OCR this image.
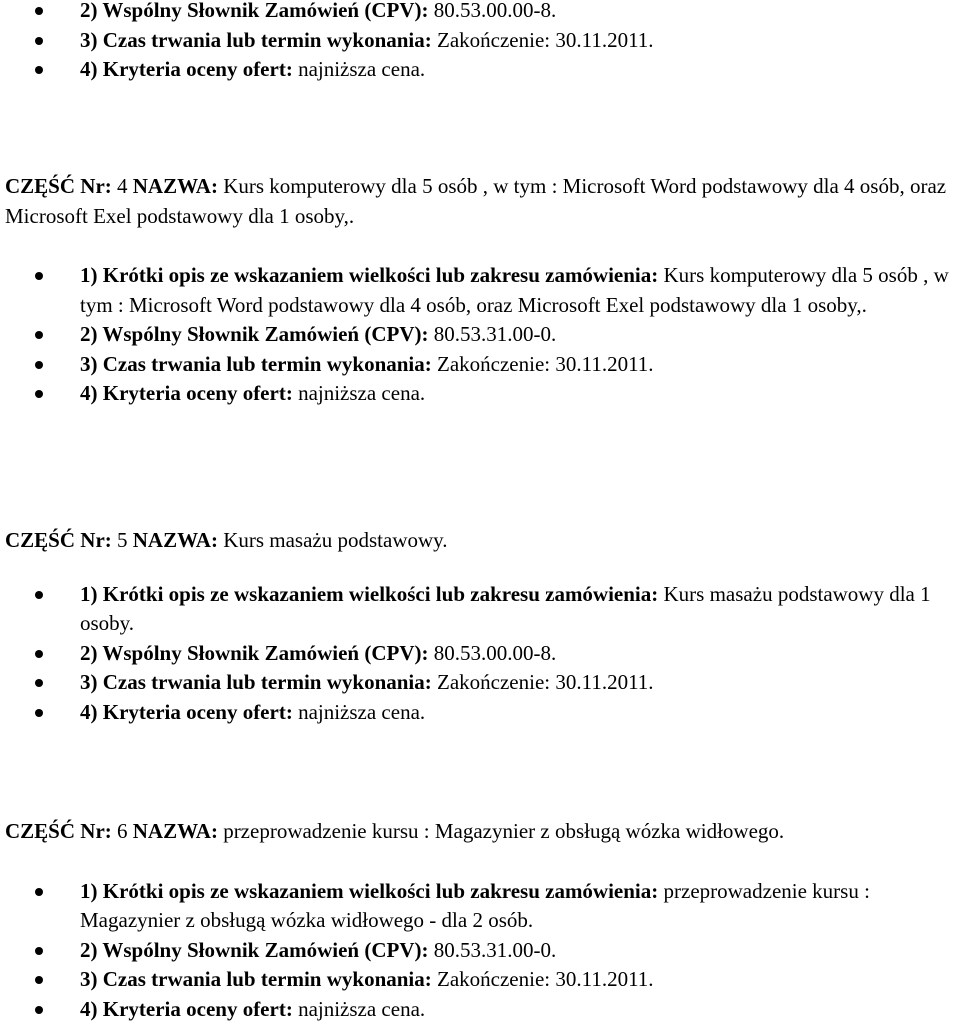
2) Wspólny Słownik Zamówień (CPV): 80.53.00.00-8.
3) Czas trwania lub termin wykonania: Zakończenie: 30.11.2011.
4) Kryteria oceny ofert: najniższa cena.
CZĘŚĆ Nr: 4 NAZWA: Kurs komputerowy dla 5 osób , w tym : Microsoft Word podstawowy dla 4 osób, oraz Microsoft Exel podstawowy dla 1 osoby,.
1) Krótki opis ze wskazaniem wielkości lub zakresu zamówienia: Kurs komputerowy dla 5 osób , w tym : Microsoft Word podstawowy dla 4 osób, oraz Microsoft Exel podstawowy dla 1 osoby,.
2) Wspólny Słownik Zamówień (CPV): 80.53.31.00-0.
3) Czas trwania lub termin wykonania: Zakończenie: 30.11.2011.
4) Kryteria oceny ofert: najniższa cena.
CZĘŚĆ Nr: 5 NAZWA: Kurs masażu podstawowy.
1) Krótki opis ze wskazaniem wielkości lub zakresu zamówienia: Kurs masażu podstawowy dla 1 osoby.
2) Wspólny Słownik Zamówień (CPV): 80.53.00.00-8.
3) Czas trwania lub termin wykonania: Zakończenie: 30.11.2011.
4) Kryteria oceny ofert: najniższa cena.
CZĘŚĆ Nr: 6 NAZWA: przeprowadzenie kursu : Magazynier z obsługą wózka widłowego.
1) Krótki opis ze wskazaniem wielkości lub zakresu zamówienia: przeprowadzenie kursu : Magazynier z obsługą wózka widłowego - dla 2 osób.
2) Wspólny Słownik Zamówień (CPV): 80.53.31.00-0.
3) Czas trwania lub termin wykonania: Zakończenie: 30.11.2011.
4) Kryteria oceny ofert: najniższa cena.
